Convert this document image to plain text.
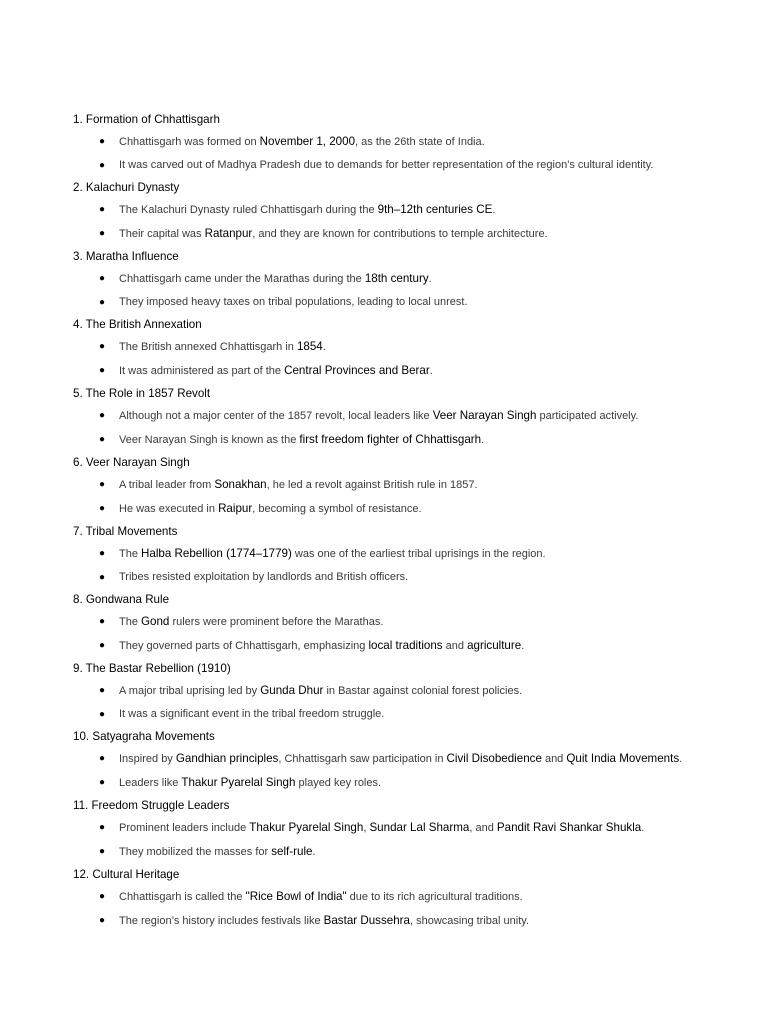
1. Formation of Chhattisgarh
● Chhattisgarh was formed on November 1, 2000, as the 26th state of India.
● It was carved out of Madhya Pradesh due to demands for better representation of the region's cultural identity.
2. Kalachuri Dynasty
● The Kalachuri Dynasty ruled Chhattisgarh during the 9th–12th centuries CE.
● Their capital was Ratanpur, and they are known for contributions to temple architecture.
3. Maratha Influence
● Chhattisgarh came under the Marathas during the 18th century.
● They imposed heavy taxes on tribal populations, leading to local unrest.
4. The British Annexation
● The British annexed Chhattisgarh in 1854.
● It was administered as part of the Central Provinces and Berar.
5. The Role in 1857 Revolt
● Although not a major center of the 1857 revolt, local leaders like Veer Narayan Singh participated actively.
● Veer Narayan Singh is known as the first freedom fighter of Chhattisgarh.
6. Veer Narayan Singh
● A tribal leader from Sonakhan, he led a revolt against British rule in 1857.
● He was executed in Raipur, becoming a symbol of resistance.
7. Tribal Movements
● The Halba Rebellion (1774–1779) was one of the earliest tribal uprisings in the region.
● Tribes resisted exploitation by landlords and British officers.
8. Gondwana Rule
● The Gond rulers were prominent before the Marathas.
● They governed parts of Chhattisgarh, emphasizing local traditions and agriculture.
9. The Bastar Rebellion (1910)
● A major tribal uprising led by Gunda Dhur in Bastar against colonial forest policies.
● It was a significant event in the tribal freedom struggle.
10. Satyagraha Movements
● Inspired by Gandhian principles, Chhattisgarh saw participation in Civil Disobedience and Quit India Movements.
● Leaders like Thakur Pyarelal Singh played key roles.
11. Freedom Struggle Leaders
● Prominent leaders include Thakur Pyarelal Singh, Sundar Lal Sharma, and Pandit Ravi Shankar Shukla.
● They mobilized the masses for self-rule.
12. Cultural Heritage
● Chhattisgarh is called the "Rice Bowl of India" due to its rich agricultural traditions.
● The region’s history includes festivals like Bastar Dussehra, showcasing tribal unity.
